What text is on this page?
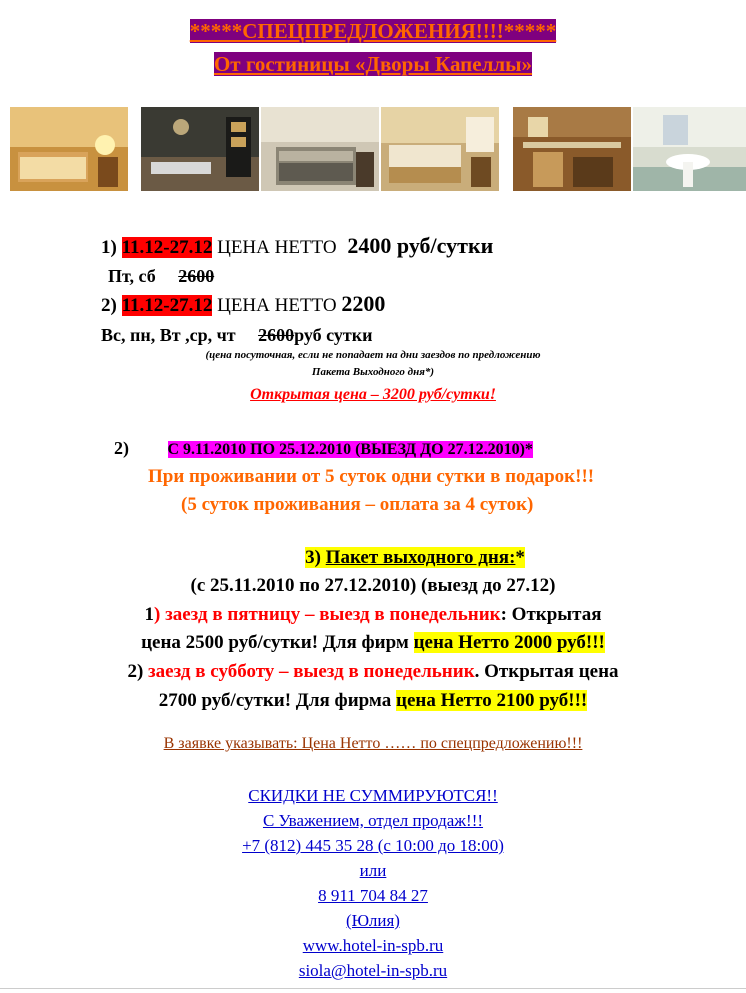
*****СПЕЦПРЕДЛОЖЕНИЯ!!!!*****
От гостиницы «Дворы Капеллы»
1) 11.12-27.12 ЦЕНА НЕТТО 2400 руб/сутки
Пт, сб 2600
2) 11.12-27.12 ЦЕНА НЕТТО 2200
Вс, пн, Вт ,ср, чт 2600руб сутки
(цена посуточная, если не попадает на дни заездов по предложению
Пакета Выходного дня*)
Открытая цена – 3200 руб/сутки!
2) С 9.11.2010 ПО 25.12.2010 (ВЫЕЗД ДО 27.12.2010)*
При проживании от 5 суток одни сутки в подарок!!!
(5 суток проживания – оплата за 4 суток)
3) Пакет выходного дня:*
(с 25.11.2010 по 27.12.2010) (выезд до 27.12)
1) заезд в пятницу – выезд в понедельник: Открытая
цена 2500 руб/сутки! Для фирм цена Нетто 2000 руб!!!
2) заезд в субботу – выезд в понедельник. Открытая цена
2700 руб/сутки! Для фирма цена Нетто 2100 руб!!!
В заявке указывать: Цена Нетто …… по спецпредложению!!!
СКИДКИ НЕ СУММИРУЮТСЯ!!
С Уважением, отдел продаж!!!
+7 (812) 445 35 28 (с 10:00 до 18:00)
или
8 911 704 84 27
(Юлия)
www.hotel-in-spb.ru
siola@hotel-in-spb.ru
